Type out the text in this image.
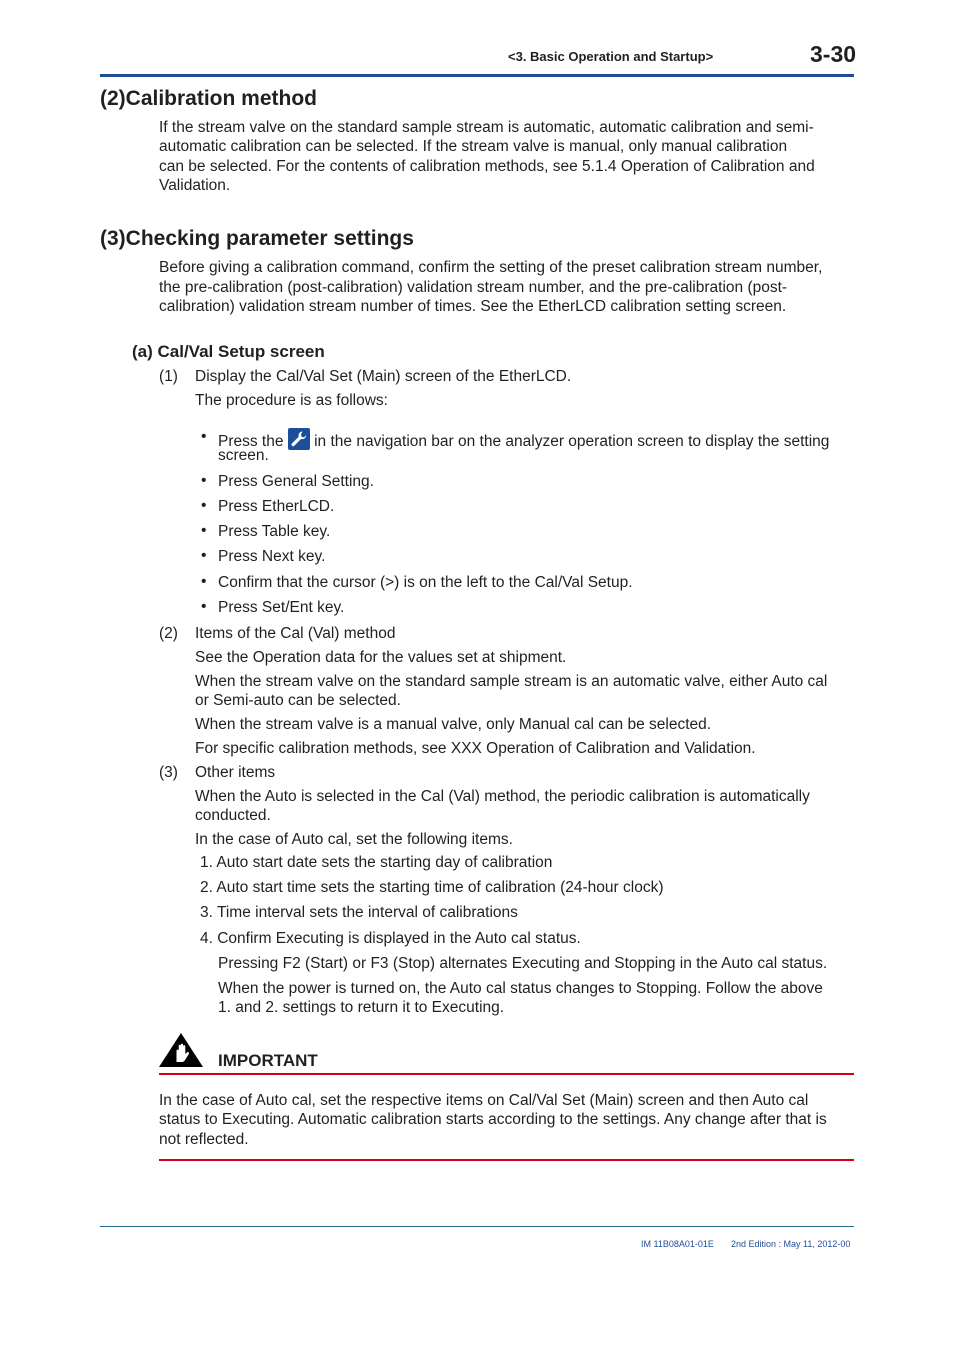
<3. Basic Operation and Startup>	3-30
(2)Calibration method
If the stream valve on the standard sample stream is automatic, automatic calibration and semi-
automatic calibration can be selected. If the stream valve is manual, only manual calibration
can be selected. For the contents of calibration methods, see 5.1.4 Operation of Calibration and
Validation.
(3)Checking parameter settings
Before giving a calibration command, confirm the setting of the preset calibration stream number,
the pre-calibration (post-calibration) validation stream number, and the pre-calibration (post-
calibration) validation stream number of times. See the EtherLCD calibration setting screen.
(a) Cal/Val Setup screen
(1) Display the Cal/Val Set (Main) screen of the EtherLCD.
The procedure is as follows:
• Press the in the navigation bar on the analyzer operation screen to display the setting
screen.
• Press General Setting.
• Press EtherLCD.
• Press Table key.
• Press Next key.
• Confirm that the cursor (>) is on the left to the Cal/Val Setup.
• Press Set/Ent key.
(2) Items of the Cal (Val) method
See the Operation data for the values set at shipment.
When the stream valve on the standard sample stream is an automatic valve, either Auto cal
or Semi-auto can be selected.
When the stream valve is a manual valve, only Manual cal can be selected.
For specific calibration methods, see XXX Operation of Calibration and Validation.
(3) Other items
When the Auto is selected in the Cal (Val) method, the periodic calibration is automatically
conducted.
In the case of Auto cal, set the following items.
1. Auto start date sets the starting day of calibration
2. Auto start time sets the starting time of calibration (24-hour clock)
3. Time interval sets the interval of calibrations
4. Confirm Executing is displayed in the Auto cal status.
Pressing F2 (Start) or F3 (Stop) alternates Executing and Stopping in the Auto cal status.
When the power is turned on, the Auto cal status changes to Stopping. Follow the above
1. and 2. settings to return it to Executing.
IMPORTANT
In the case of Auto cal, set the respective items on Cal/Val Set (Main) screen and then Auto cal
status to Executing. Automatic calibration starts according to the settings. Any change after that is
not reflected.
IM 11B08A01-01E 2nd Edition : May 11, 2012-00
